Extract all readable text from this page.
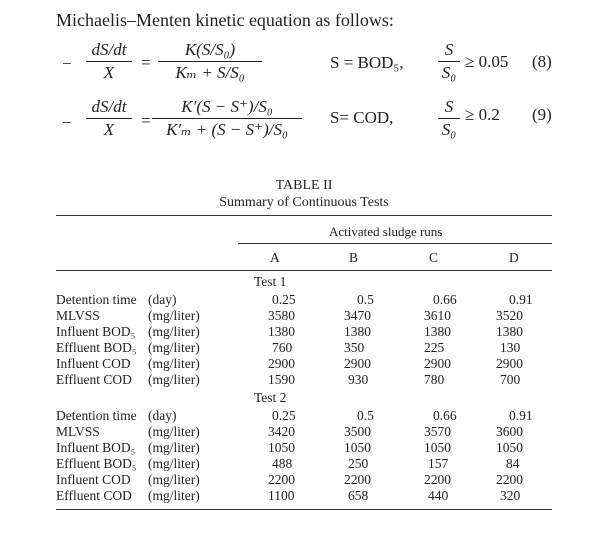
Michaelis–Menten kinetic equation as follows:
− $\frac{dS/dt}{X} = \frac{\text{K(S/S₀)}}{\text{Kₘ + S/S₀}}$	S = BOD₅, $\frac{S}{\text{S₀}} \ge 0.05$ (8)
− $\frac{dS/dt}{X} = \frac{\text{K′(S − S⁺)/S₀}}{\text{K′ₘ + (S − S⁺)/S₀}} S=$ COD,	$\frac{S}{\text{S₀}} \ge 0.2$ (9)
TABLE II
Summary of Continuous Tests
Activated sludge runs
A	B	C	D
Test 1
Detention time (day)	0.25	0.5	0.66	0.91
MLVSS	(mg/liter)	3580	3470	3610	3520
Influent BOD₅ (mg/liter)	1380	1380	1380	1380
Effluent BOD₅ (mg/liter)	760	350	225	130
Influent COD (mg/liter)	2900	2900	2900	2900
Effluent COD (mg/liter)	1590	930	780	700
Test 2
Detention time (day)	0.25	0.5	0.66	0.91
MLVSS	(mg/liter)	3420	3500	3570	3600
Influent BOD₅ (mg/liter)	1050	1050	1050	1050
Effluent BOD₅ (mg/liter)	488	250	157	84
Influent COD (mg/liter)	2200	2200	2200	2200
Effluent COD (mg/liter)	1100	658	440	320
